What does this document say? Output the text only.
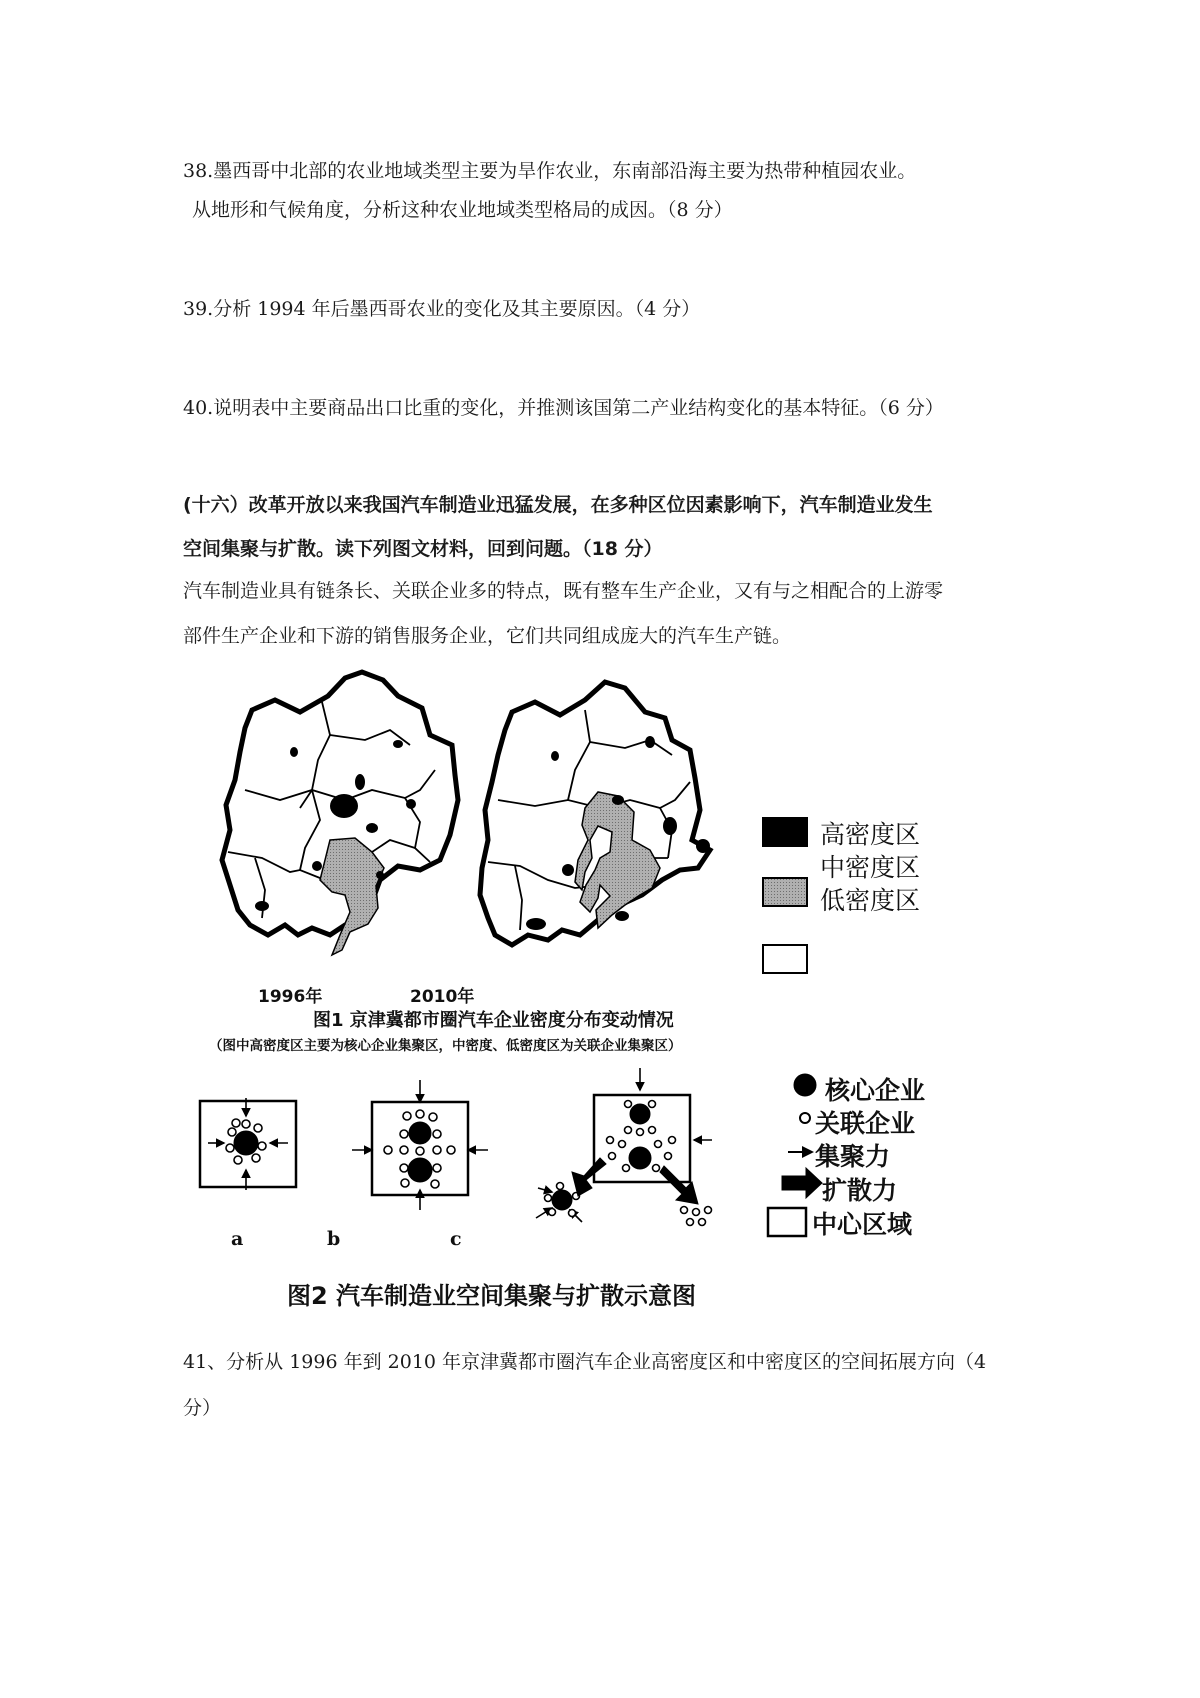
38.墨西哥中北部的农业地域类型主要为旱作农业，东南部沿海主要为热带种植园农业。
从地形和气候角度，分析这种农业地域类型格局的成因。（8 分）
39.分析 1994 年后墨西哥农业的变化及其主要原因。（4 分）
40.说明表中主要商品出口比重的变化，并推测该国第二产业结构变化的基本特征。（6 分）
(十六）改革开放以来我国汽车制造业迅猛发展，在多种区位因素影响下，汽车制造业发生
空间集聚与扩散。读下列图文材料，回到问题。（18 分）
汽车制造业具有链条长、关联企业多的特点，既有整车生产企业，又有与之相配合的上游零
部件生产企业和下游的销售服务企业，它们共同组成庞大的汽车生产链。
高密度区
中密度区
低密度区
1996年	2010年
图1 京津冀都市圈汽车企业密度分布变动情况
（图中高密度区主要为核心企业集聚区，中密度、低密度区为关联企业集聚区）
核心企业
关联企业
集聚力
扩散力
中心区域
a	b	c
图2 汽车制造业空间集聚与扩散示意图
41、分析从 1996 年到 2010 年京津冀都市圈汽车企业高密度区和中密度区的空间拓展方向（4
分）
